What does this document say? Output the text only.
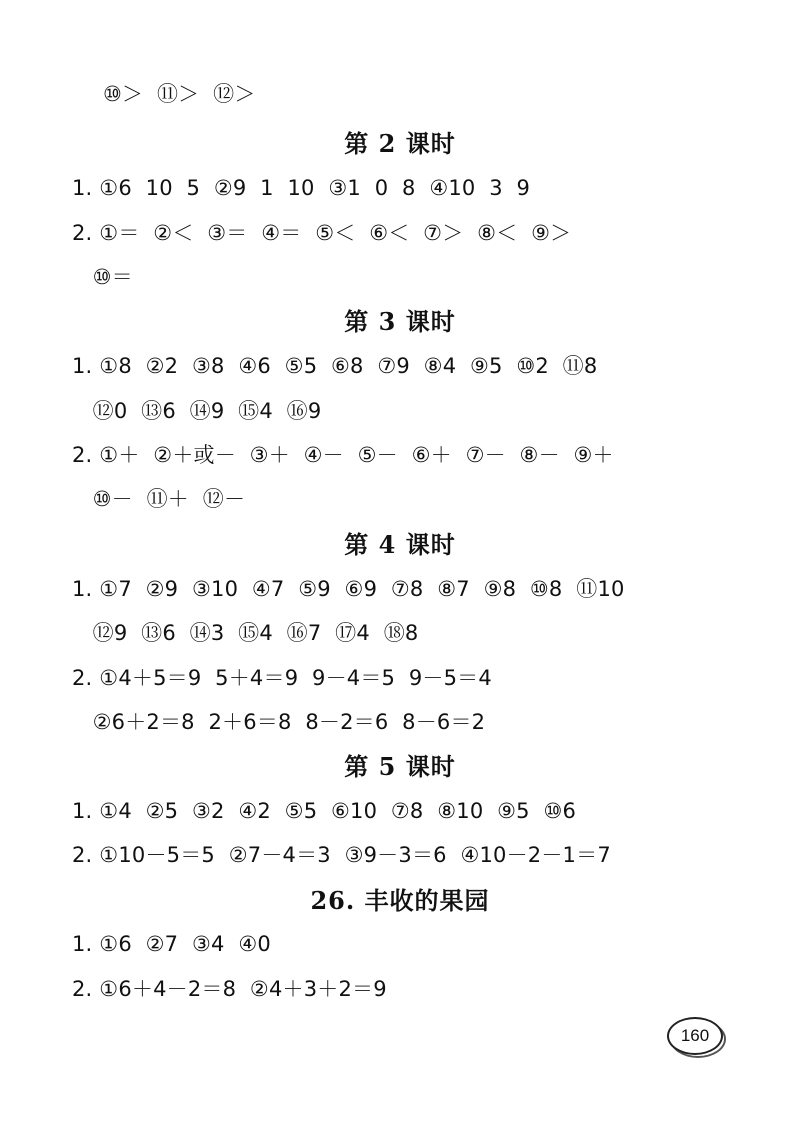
⑩＞  ⑪＞  ⑫＞
第 2 课时
1. ①6  10  5  ②9  1  10  ③1  0  8  ④10  3  9
2. ①＝  ②＜  ③＝  ④＝  ⑤＜  ⑥＜  ⑦＞  ⑧＜  ⑨＞
⑩＝
第 3 课时
1. ①8  ②2  ③8  ④6  ⑤5  ⑥8  ⑦9  ⑧4  ⑨5  ⑩2  ⑪8
⑫0  ⑬6  ⑭9  ⑮4  ⑯9
2. ①＋  ②＋或－  ③＋  ④－  ⑤－  ⑥＋  ⑦－  ⑧－  ⑨＋
⑩－  ⑪＋  ⑫－
第 4 课时
1. ①7  ②9  ③10  ④7  ⑤9  ⑥9  ⑦8  ⑧7  ⑨8  ⑩8  ⑪10
⑫9  ⑬6  ⑭3  ⑮4  ⑯7  ⑰4  ⑱8
2. ①4＋5＝9  5＋4＝9  9－4＝5  9－5＝4
②6＋2＝8  2＋6＝8  8－2＝6  8－6＝2
第 5 课时
1. ①4  ②5  ③2  ④2  ⑤5  ⑥10  ⑦8  ⑧10  ⑨5  ⑩6
2. ①10－5＝5  ②7－4＝3  ③9－3＝6  ④10－2－1＝7
26. 丰收的果园
1. ①6  ②7  ③4  ④0
2. ①6＋4－2＝8  ②4＋3＋2＝9
160
